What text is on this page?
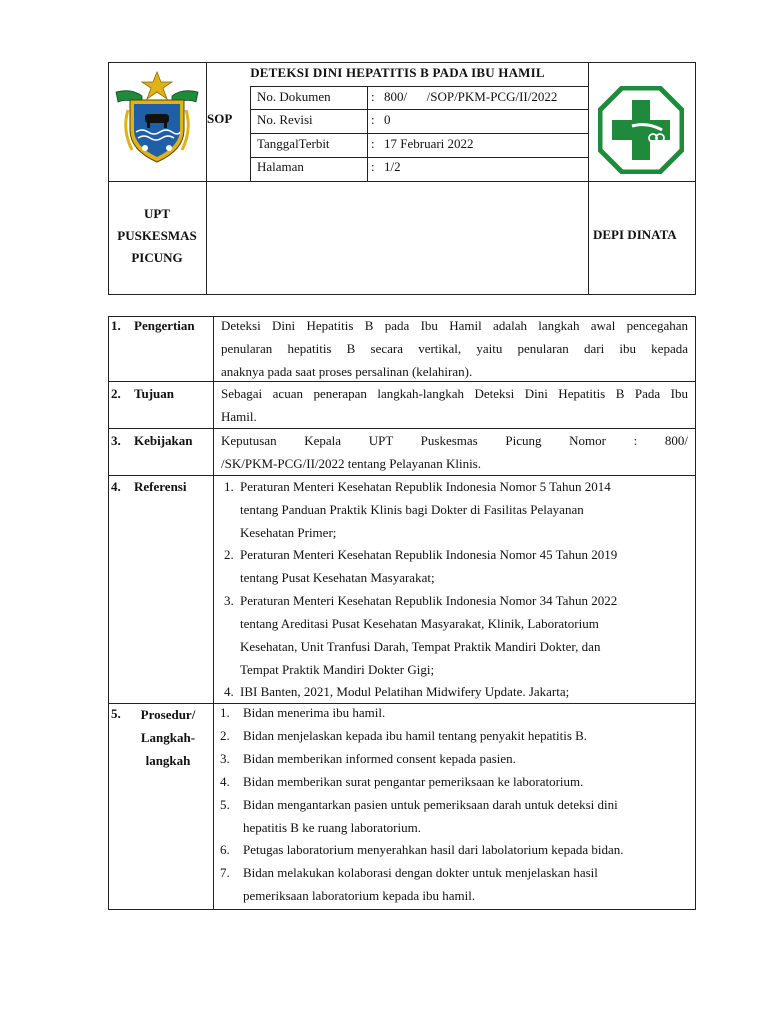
DETEKSI DINI HEPATITIS B PADA IBU HAMIL
SOP
No. Dokumen	: 800/      /SOP/PKM-PCG/II/2022
No. Revisi	: 0
TanggalTerbit	: 17 Februari 2022
Halaman	: 1/2
UPT
PUSKESMAS
PICUNG
DEPI DINATA
1. Pengertian Deteksi Dini Hepatitis B pada Ibu Hamil adalah langkah awal pencegahan
penularan hepatitis B secara vertikal, yaitu penularan dari ibu kepada
anaknya pada saat proses persalinan (kelahiran).
2. Tujuan	Sebagai acuan penerapan langkah-langkah Deteksi Dini Hepatitis B Pada Ibu
Hamil.
3. Kebijakan Keputusan Kepala UPT Puskesmas Picung Nomor : 800/
/SK/PKM-PCG/II/2022 tentang Pelayanan Klinis.
4. Referensi	1. Peraturan Menteri Kesehatan Republik Indonesia Nomor 5 Tahun 2014
tentang Panduan Praktik Klinis bagi Dokter di Fasilitas Pelayanan
Kesehatan Primer;
2. Peraturan Menteri Kesehatan Republik Indonesia Nomor 45 Tahun 2019
tentang Pusat Kesehatan Masyarakat;
3. Peraturan Menteri Kesehatan Republik Indonesia Nomor 34 Tahun 2022
tentang Areditasi Pusat Kesehatan Masyarakat, Klinik, Laboratorium
Kesehatan, Unit Tranfusi Darah, Tempat Praktik Mandiri Dokter, dan
Tempat Praktik Mandiri Dokter Gigi;
4. IBI Banten, 2021, Modul Pelatihan Midwifery Update. Jakarta;
5.	Prosedur/
Langkah-
langkah
1. Bidan menerima ibu hamil.
2. Bidan menjelaskan kepada ibu hamil tentang penyakit hepatitis B.
3. Bidan memberikan informed consent kepada pasien.
4. Bidan memberikan surat pengantar pemeriksaan ke laboratorium.
5. Bidan mengantarkan pasien untuk pemeriksaan darah untuk deteksi dini
hepatitis B ke ruang laboratorium.
6. Petugas laboratorium menyerahkan hasil dari labolatorium kepada bidan.
7. Bidan melakukan kolaborasi dengan dokter untuk menjelaskan hasil
pemeriksaan laboratorium kepada ibu hamil.
